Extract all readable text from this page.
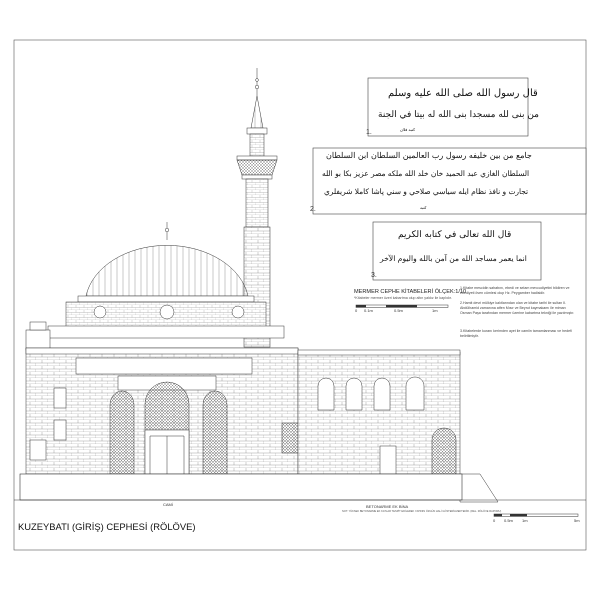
قال رسول الله صلى الله عليه وسلم
من بنى لله مسجدا بنى الله له بيتا في الجنة
كتبه فلان
1.
جامع من بين خليفه رسول رب العالمين السلطان ابن السلطان
السلطان الغازي عبد الحميد خان خلد الله ملكه مصر عزيز بكا بو الله
تجارت و نافذ نظام ايله سياسي صلاحي و سني پاشا كاملا شريفلري
كتبه
2.
قال الله تعالى في كتابه الكريم
انما يعمر مساجد الله من آمن بالله واليوم الآخر
3.
MERMER CEPHE KİTABELERİ ÖLÇEK:1/10
*Kitabeler mermer üzeri kabartma olup altın yaldız ile kaplıdır.
0 0.1m	0.5m	1m
1.Kitabe mescidin sahabını, ebedi ve selam mevcudiyetini bildiren ve ebediyeti öven cümlesi olup Hz. Peygamber hadisidir.
2.Hamit devri mülkiye kalıtlarından olan ve kitabe tarihi ile sultan II. Abdülhamid zamanına atfen Mısır ve Beyrut kaymakamı ile mimarı Osman Paşa tarafından mermer üzerine kabartma tekniği ile yazılmıştır.
3.Kitabelerde kuranı kerimden ayet ile camiin tamamlanması ve hedefi belirtilmiştir.
CAMİ	BETONARME EK BİNA
NOT: YÜKSEK BETONARME EK KATLAR TESPİT EDİLEREK YAPININ ÖZGÜN HALİ GÖSTERİLMEKTEDİR. (REL. RÖLÖVE RAPORU)
0 0.5m 1m	5m
KUZEYBATI (GİRİŞ) CEPHESİ (RÖLÖVE)
